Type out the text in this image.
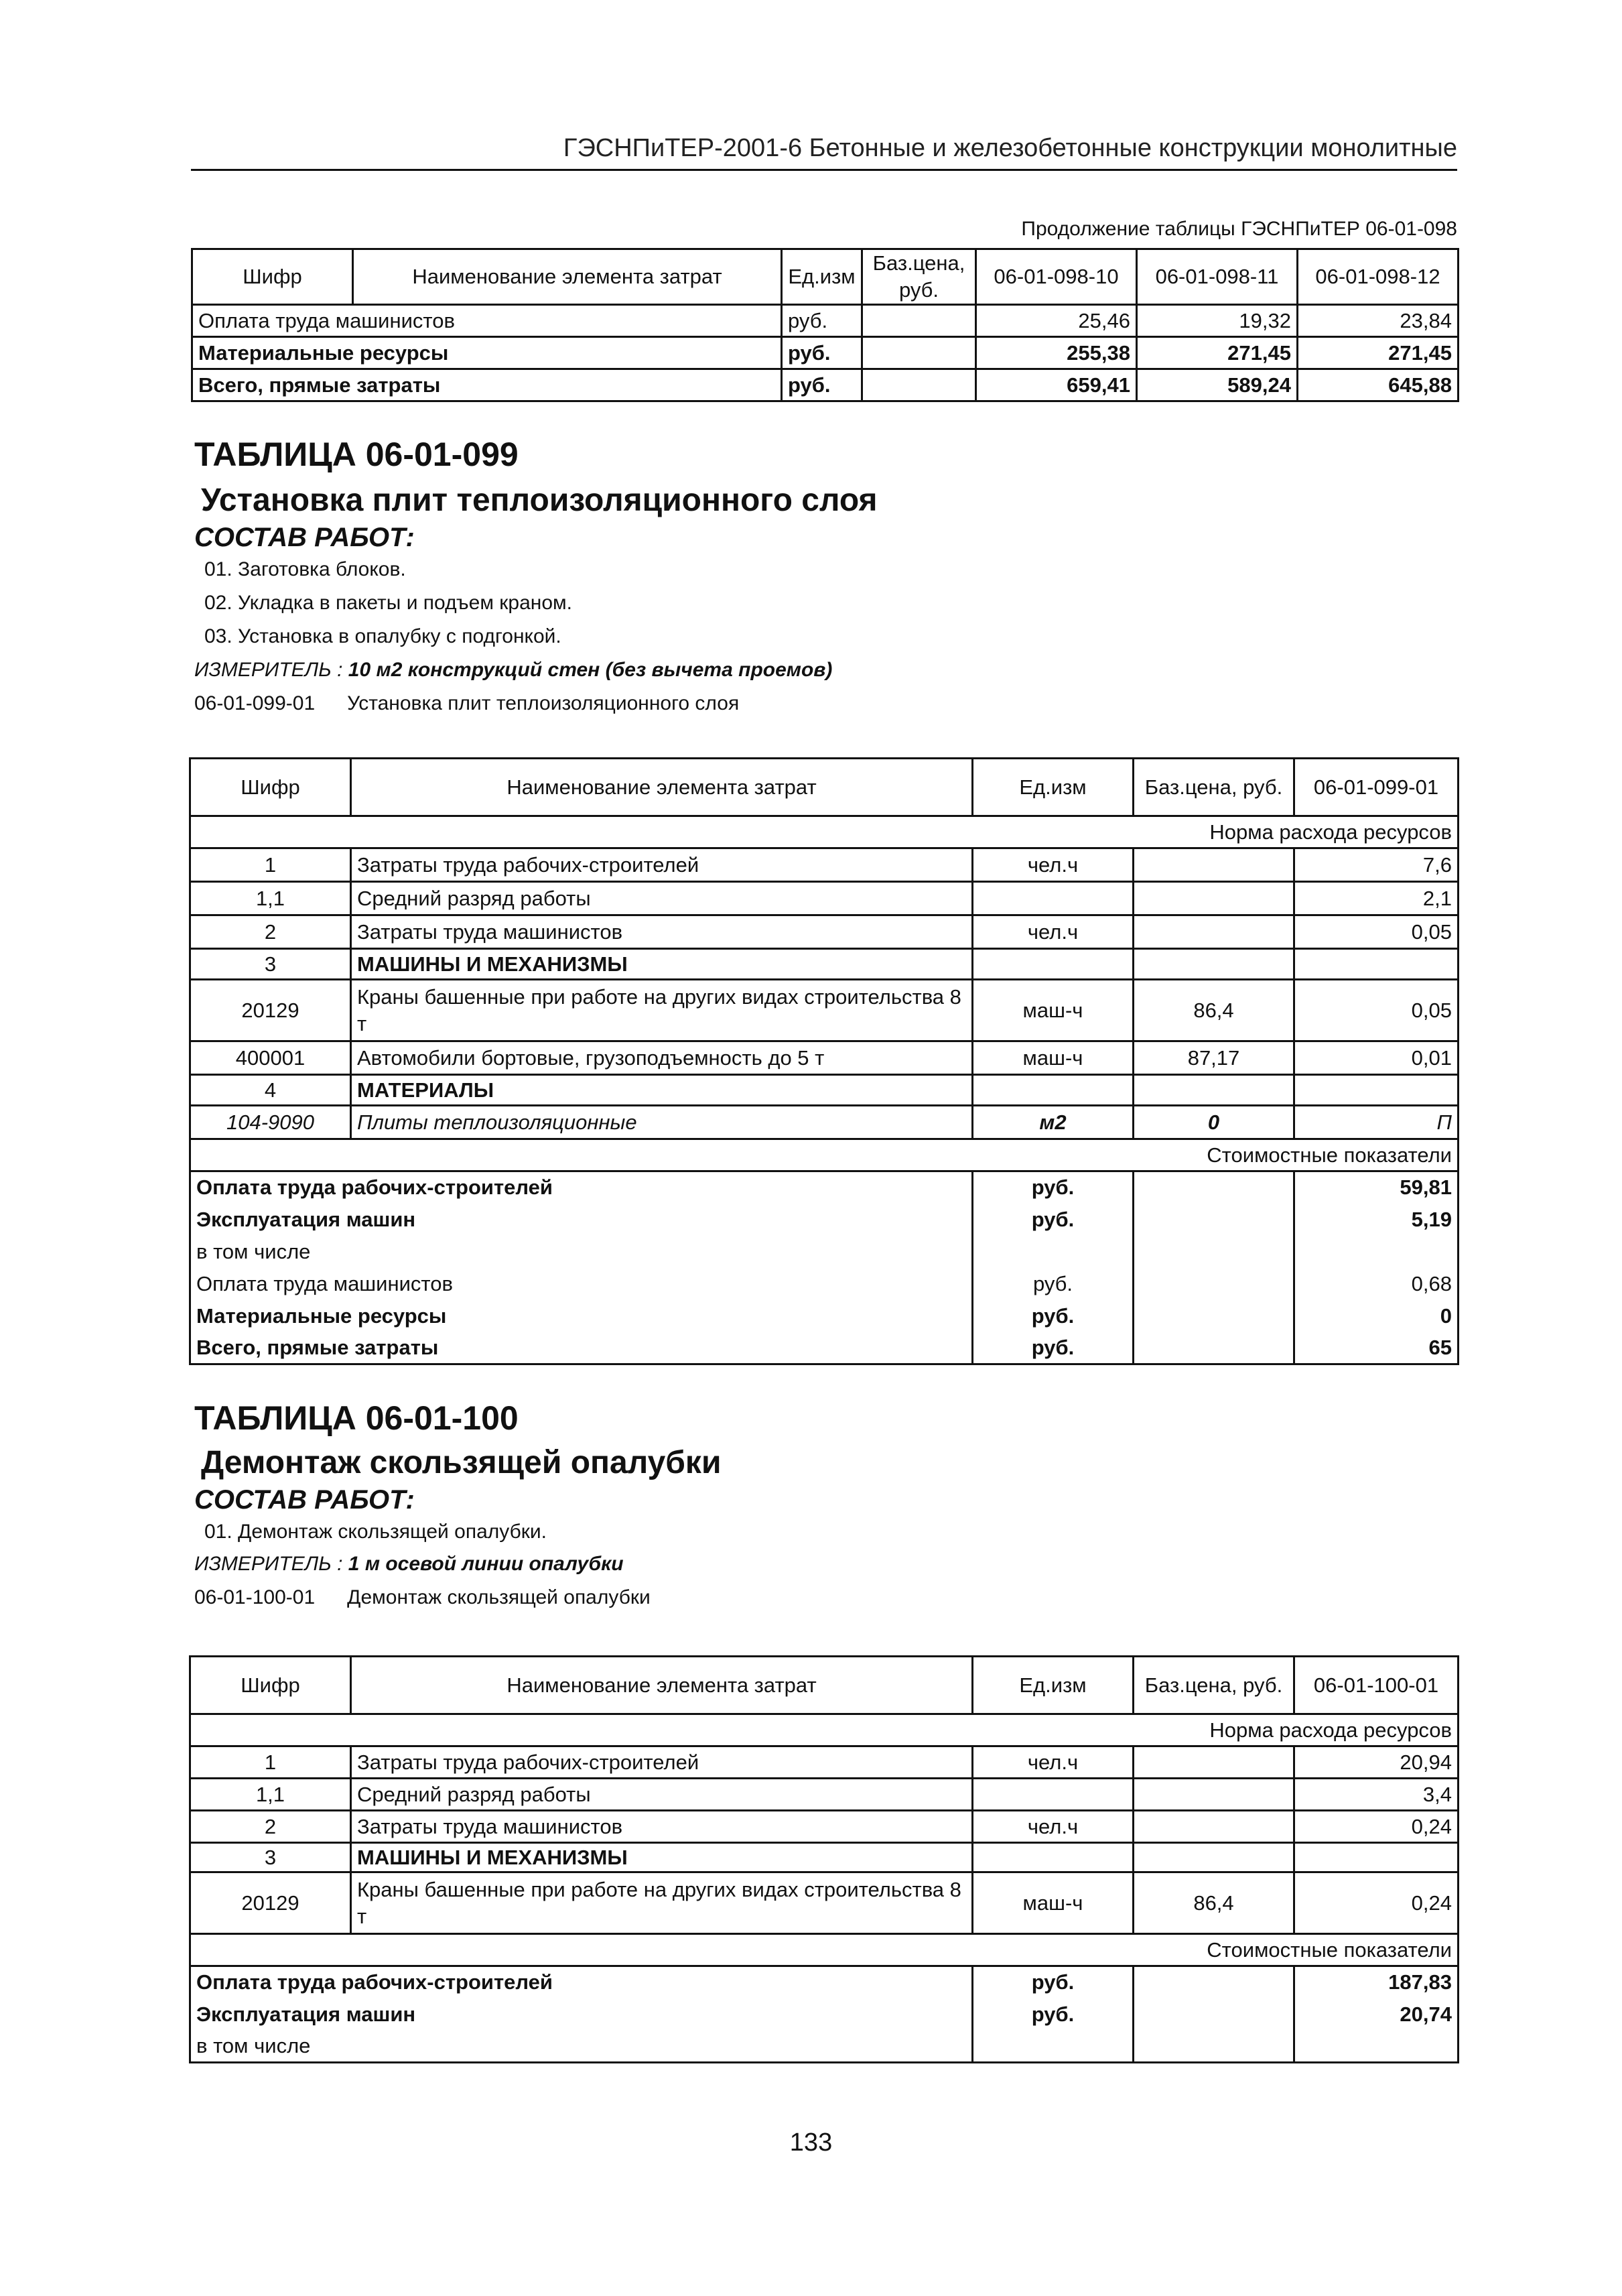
ГЭСНПиТЕР-2001-6 Бетонные и железобетонные конструкции монолитные
Продолжение таблицы ГЭСНПиТЕР 06-01-098
Шифр	Наименование элемента затрат	Ед.изм	Баз.цена, руб.	06-01-098-10	06-01-098-11	06-01-098-12
Оплата труда машинистов		руб.		25,46	19,32	23,84
Материальные ресурсы		руб.		255,38	271,45	271,45
Всего, прямые затраты		руб.		659,41	589,24	645,88
ТАБЛИЦА 06-01-099
Установка плит теплоизоляционного слоя
СОСТАВ РАБОТ:
01. Заготовка блоков.
02. Укладка в пакеты и подъем краном.
03. Установка в опалубку с подгонкой.
ИЗМЕРИТЕЛЬ : 10 м2 конструкций стен (без вычета проемов)
06-01-099-01 Установка плит теплоизоляционного слоя
Шифр	Наименование элемента затрат	Ед.изм	Баз.цена, руб.	06-01-099-01
Норма расхода ресурсов				
1	Затраты труда рабочих-строителей	чел.ч		7,6
1,1	Средний разряд работы			2,1
2	Затраты труда машинистов	чел.ч		0,05
3	МАШИНЫ И МЕХАНИЗМЫ			
20129	Краны башенные при работе на других видах строительства 8 т	маш-ч	86,4	0,05
400001	Автомобили бортовые, грузоподъемность до 5 т	маш-ч	87,17	0,01
4	МАТЕРИАЛЫ			
104-9090	Плиты теплоизоляционные	м2	0	П
Стоимостные показатели				
Оплата труда рабочих-строителей		руб.		59,81
Эксплуатация машин		руб.		5,19
в том числе				
Оплата труда машинистов		руб.		0,68
Материальные ресурсы		руб.		0
Всего, прямые затраты		руб.		65
ТАБЛИЦА 06-01-100
Демонтаж скользящей опалубки
СОСТАВ РАБОТ:
01. Демонтаж скользящей опалубки.
ИЗМЕРИТЕЛЬ : 1 м осевой линии опалубки
06-01-100-01 Демонтаж скользящей опалубки
Шифр	Наименование элемента затрат	Ед.изм	Баз.цена, руб.	06-01-100-01
Норма расхода ресурсов				
1	Затраты труда рабочих-строителей	чел.ч		20,94
1,1	Средний разряд работы			3,4
2	Затраты труда машинистов	чел.ч		0,24
3	МАШИНЫ И МЕХАНИЗМЫ			
20129	Краны башенные при работе на других видах строительства 8 т	маш-ч	86,4	0,24
Стоимостные показатели				
Оплата труда рабочих-строителей		руб.		187,83
Эксплуатация машин		руб.		20,74
в том числе				
133
